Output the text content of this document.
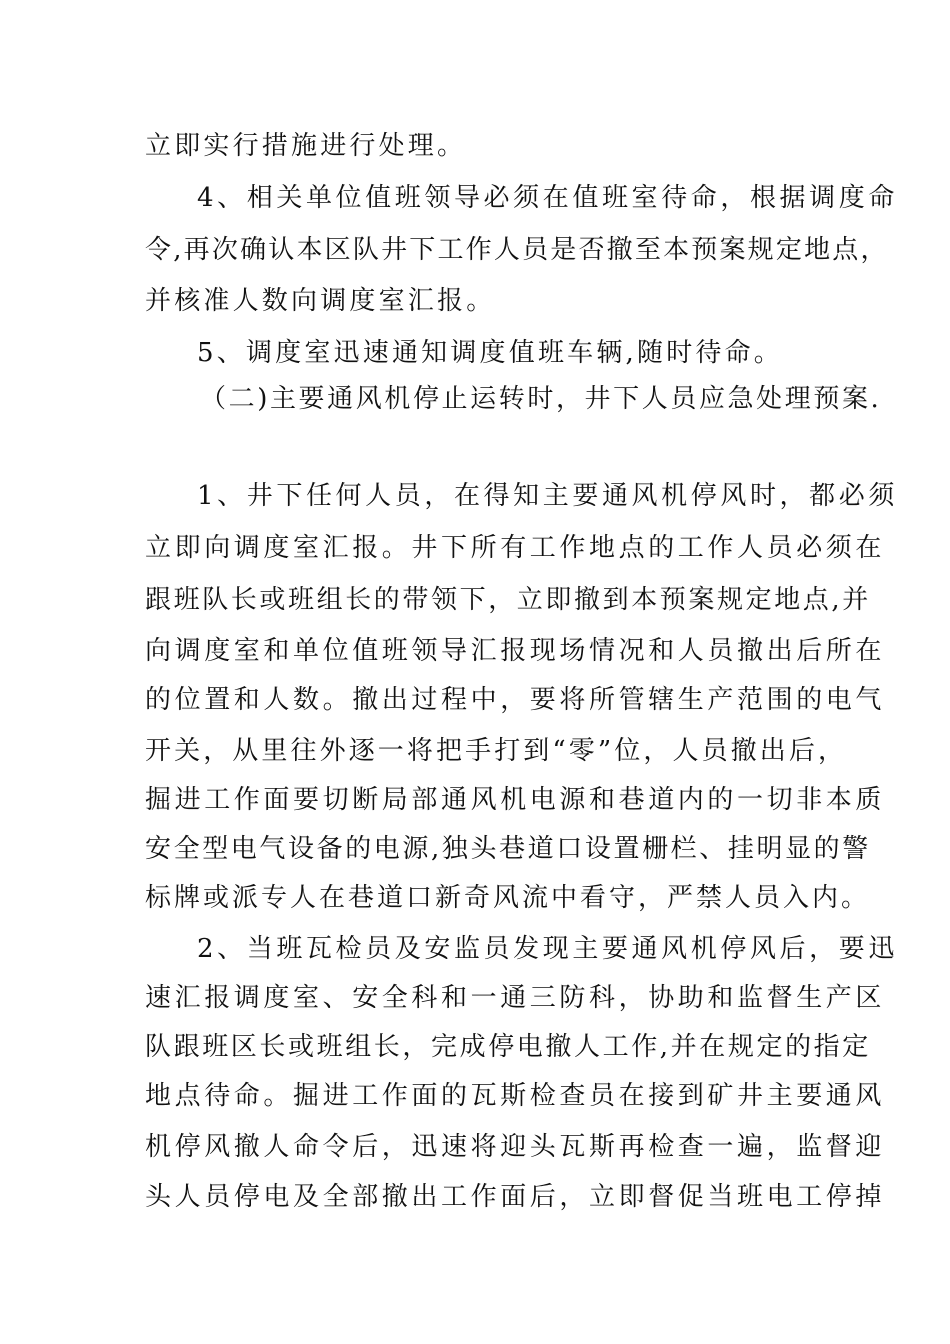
立即实行措施进行处理。
4、相关单位值班领导必须在值班室待命，根据调度命
令,再次确认本区队井下工作人员是否撤至本预案规定地点，
并核准人数向调度室汇报。
5、调度室迅速通知调度值班车辆,随时待命。
（二)主要通风机停止运转时，井下人员应急处理预案.
1、井下任何人员，在得知主要通风机停风时，都必须
立即向调度室汇报。井下所有工作地点的工作人员必须在
跟班队长或班组长的带领下，立即撤到本预案规定地点,并
向调度室和单位值班领导汇报现场情况和人员撤出后所在
的位置和人数。撤出过程中，要将所管辖生产范围的电气
开关，从里往外逐一将把手打到“零”位，人员撤出后，
掘进工作面要切断局部通风机电源和巷道内的一切非本质
安全型电气设备的电源,独头巷道口设置栅栏、挂明显的警
标牌或派专人在巷道口新奇风流中看守，严禁人员入内。
2、当班瓦检员及安监员发现主要通风机停风后，要迅
速汇报调度室、安全科和一通三防科，协助和监督生产区
队跟班区长或班组长，完成停电撤人工作,并在规定的指定
地点待命。掘进工作面的瓦斯检查员在接到矿井主要通风
机停风撤人命令后，迅速将迎头瓦斯再检查一遍，监督迎
头人员停电及全部撤出工作面后，立即督促当班电工停掉
